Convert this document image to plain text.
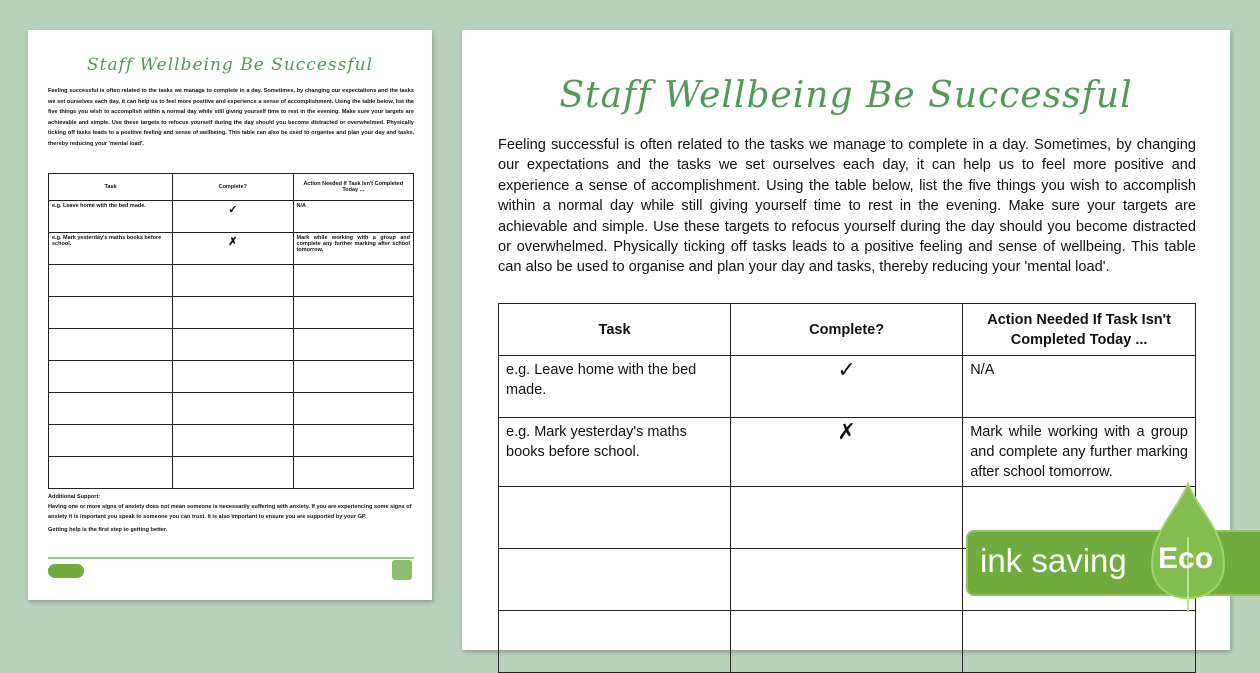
Staff Wellbeing Be Successful
Feeling successful is often related to the tasks we manage to complete in a day. Sometimes, by changing our expectations and the tasks we set ourselves each day, it can help us to feel more positive and experience a sense of accomplishment. Using the table below, list the five things you wish to accomplish within a normal day while still giving yourself time to rest in the evening. Make sure your targets are achievable and simple. Use these targets to refocus yourself during the day should you become distracted or overwhelmed. Physically ticking off tasks leads to a positive feeling and sense of wellbeing. This table can also be used to organise and plan your day and tasks, thereby reducing your 'mental load'.
Task	Complete?	Action Needed If Task Isn't Completed Today ...
e.g. Leave home with the bed made.	✓	N/A
e.g. Mark yesterday's maths books before school.	✗	Mark while working with a group and complete any further marking after school tomorrow.

Additional Support:
Having one or more signs of anxiety does not mean someone is necessarily suffering with anxiety. If you are experiencing some signs of anxiety it is important you speak to someone you can trust. It is also important to ensure you are supported by your GP.
Getting help is the first step to getting better.
Staff Wellbeing Be Successful
Feeling successful is often related to the tasks we manage to complete in a day. Sometimes, by changing our expectations and the tasks we set ourselves each day, it can help us to feel more positive and experience a sense of accomplishment. Using the table below, list the five things you wish to accomplish within a normal day while still giving yourself time to rest in the evening. Make sure your targets are achievable and simple. Use these targets to refocus yourself during the day should you become distracted or overwhelmed. Physically ticking off tasks leads to a positive feeling and sense of wellbeing. This table can also be used to organise and plan your day and tasks, thereby reducing your 'mental load'.
Task	Complete?	Action Needed If Task Isn't Completed Today ...
e.g. Leave home with the bed made.	✓	N/A
e.g. Mark yesterday's maths books before school.	✗	Mark while working with a group and complete any further marking after school tomorrow.

ink saving	Eco
